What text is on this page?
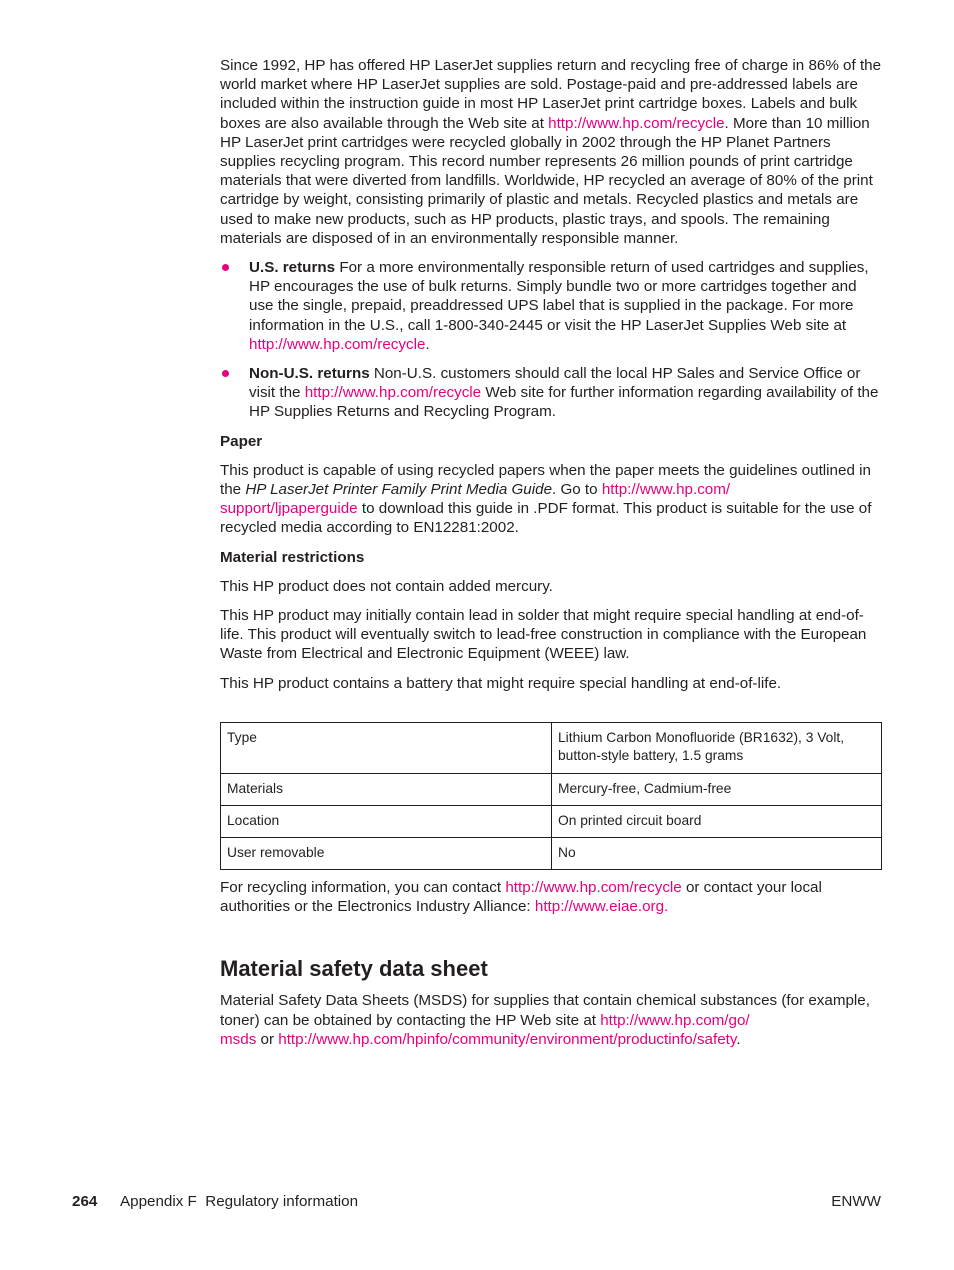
Since 1992, HP has offered HP LaserJet supplies return and recycling free of charge in 86% of the world market where HP LaserJet supplies are sold. Postage-paid and pre-addressed labels are included within the instruction guide in most HP LaserJet print cartridge boxes. Labels and bulk boxes are also available through the Web site at http://www.hp.com/recycle. More than 10 million HP LaserJet print cartridges were recycled globally in 2002 through the HP Planet Partners supplies recycling program. This record number represents 26 million pounds of print cartridge materials that were diverted from landfills. Worldwide, HP recycled an average of 80% of the print cartridge by weight, consisting primarily of plastic and metals. Recycled plastics and metals are used to make new products, such as HP products, plastic trays, and spools. The remaining materials are disposed of in an environmentally responsible manner.

U.S. returns For a more environmentally responsible return of used cartridges and supplies, HP encourages the use of bulk returns. Simply bundle two or more cartridges together and use the single, prepaid, preaddressed UPS label that is supplied in the package. For more information in the U.S., call 1-800-340-2445 or visit the HP LaserJet Supplies Web site at http://www.hp.com/recycle.
Non-U.S. returns Non-U.S. customers should call the local HP Sales and Service Office or visit the http://www.hp.com/recycle Web site for further information regarding availability of the HP Supplies Returns and Recycling Program.

Paper

This product is capable of using recycled papers when the paper meets the guidelines outlined in the HP LaserJet Printer Family Print Media Guide. Go to http://www.hp.com/
support/ljpaperguide to download this guide in .PDF format. This product is suitable for the use of recycled media according to EN12281:2002.

Material restrictions

This HP product does not contain added mercury.

This HP product may initially contain lead in solder that might require special handling at end-of-life. This product will eventually switch to lead-free construction in compliance with the European Waste from Electrical and Electronic Equipment (WEEE) law.

This HP product contains a battery that might require special handling at end-of-life.

Type	Lithium Carbon Monofluoride (BR1632), 3 Volt, button-style battery, 1.5 grams
Materials	Mercury-free, Cadmium-free
Location	On printed circuit board
User removable	No

For recycling information, you can contact http://www.hp.com/recycle or contact your local authorities or the Electronics Industry Alliance: http://www.eiae.org.

Material safety data sheet

Material Safety Data Sheets (MSDS) for supplies that contain chemical substances (for example, toner) can be obtained by contacting the HP Web site at http://www.hp.com/go/
msds or http://www.hp.com/hpinfo/community/environment/productinfo/safety.

264 Appendix F  Regulatory information	ENWW
